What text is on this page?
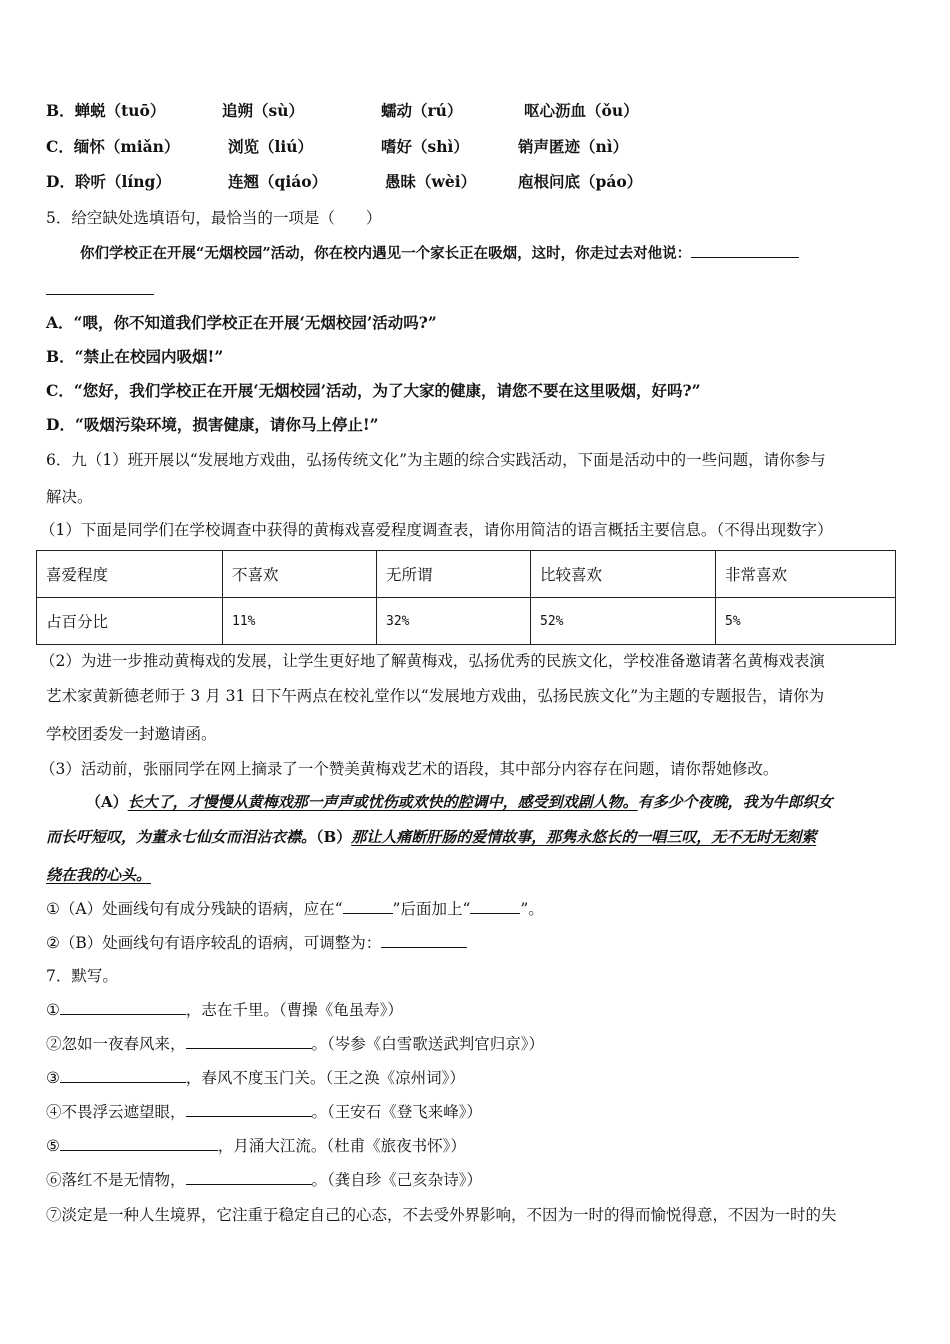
B．蝉蜕（tuō）	追朔（sù）	蠕动（rú）	呕心沥血（ǒu）
C．缅怀（miǎn）	浏览（liú）	嗜好（shì）	销声匿迹（nì）
D．聆听（líng）	连翘（qiáo）	愚昧（wèi）	庖根问底（páo）
5．给空缺处选填语句，最恰当的一项是（　　）
你们学校正在开展“无烟校园”活动，你在校内遇见一个家长正在吸烟，这时，你走过去对他说：
A．“喂，你不知道我们学校正在开展‘无烟校园’活动吗?”
B．“禁止在校园内吸烟!”
C．“您好，我们学校正在开展‘无烟校园’活动，为了大家的健康，请您不要在这里吸烟，好吗?”
D．“吸烟污染环境，损害健康，请你马上停止!”
6．九（1）班开展以“发展地方戏曲，弘扬传统文化”为主题的综合实践活动，下面是活动中的一些问题，请你参与
解决。
（1）下面是同学们在学校调查中获得的黄梅戏喜爱程度调查表，请你用简洁的语言概括主要信息。（不得出现数字）
喜爱程度	不喜欢	无所谓	比较喜欢	非常喜欢
占百分比	11%	32%	52%	5%
（2）为进一步推动黄梅戏的发展，让学生更好地了解黄梅戏，弘扬优秀的民族文化，学校准备邀请著名黄梅戏表演
艺术家黄新德老师于 3 月 31 日下午两点在校礼堂作以“发展地方戏曲，弘扬民族文化”为主题的专题报告，请你为
学校团委发一封邀请函。
（3）活动前，张丽同学在网上摘录了一个赞美黄梅戏艺术的语段，其中部分内容存在问题，请你帮她修改。
（A）长大了，才慢慢从黄梅戏那一声声或忧伤或欢快的腔调中，感受到戏剧人物。有多少个夜晚，我为牛郎织女
而长吁短叹，为董永七仙女而泪沾衣襟。（B）那让人痛断肝肠的爱情故事，那隽永悠长的一唱三叹，无不无时无刻萦
绕在我的心头。
①（A）处画线句有成分残缺的语病，应在“	”后面加上“	”。
②（B）处画线句有语序较乱的语病，可调整为：
7．默写。
①	，志在千里。（曹操《龟虽寿》）
②忽如一夜春风来，	。（岑参《白雪歌送武判官归京》）
③	，春风不度玉门关。（王之涣《凉州词》）
④不畏浮云遮望眼，	。（王安石《登飞来峰》）
⑤	，月涌大江流。（杜甫《旅夜书怀》）
⑥落红不是无情物，	。（龚自珍《己亥杂诗》）
⑦淡定是一种人生境界，它注重于稳定自己的心态，不去受外界影响，不因为一时的得而愉悦得意，不因为一时的失
